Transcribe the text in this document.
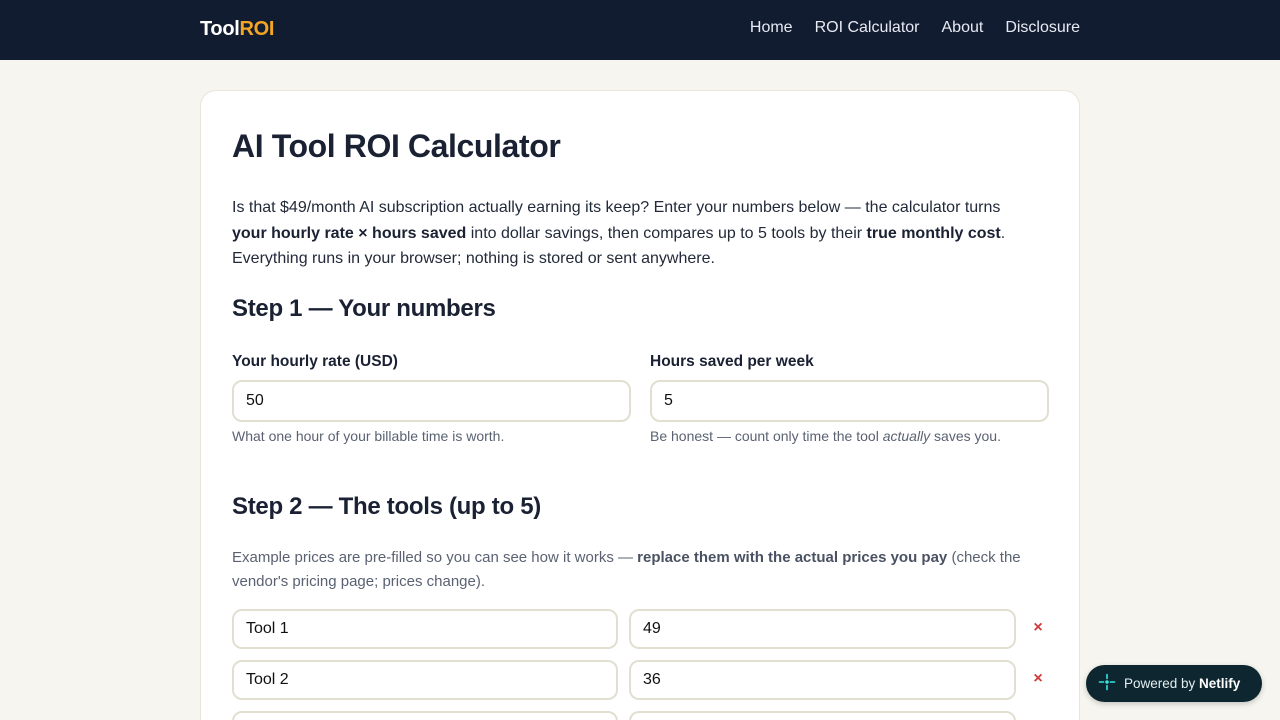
ToolROI	Home ROI Calculator About Disclosure
AI Tool ROI Calculator

Is that $49/month AI subscription actually earning its keep? Enter your numbers below — the calculator turns your hourly rate × hours saved into dollar savings, then compares up to 5 tools by their true monthly cost. Everything runs in your browser; nothing is stored or sent anywhere.

Step 1 — Your numbers
Your hourly rate (USD)
50
What one hour of your billable time is worth.
Hours saved per week
5
Be honest — count only time the tool actually saves you.
Step 2 — The tools (up to 5)

Example prices are pre-filled so you can see how it works — replace them with the actual prices you pay (check the vendor's pricing page; prices change).

Tool 1
49
×
Tool 2
36
×	Powered by Netlify
